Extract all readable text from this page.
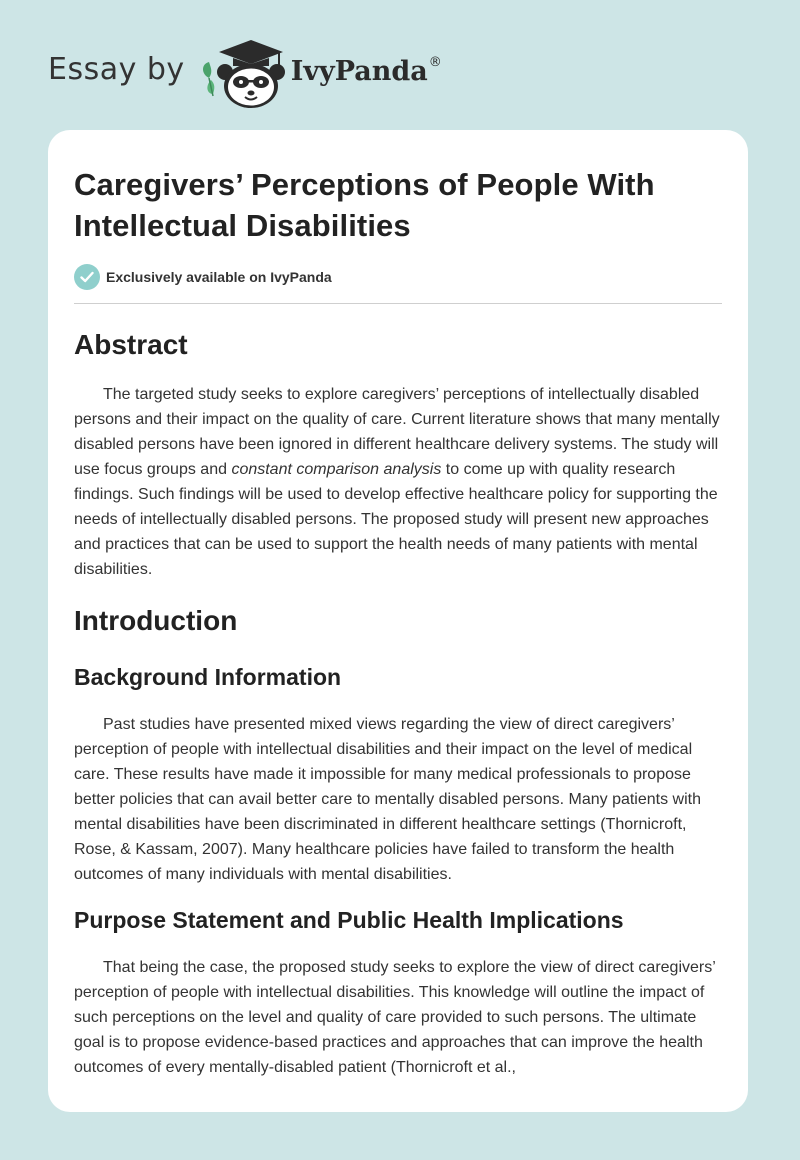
Essay by	IvyPanda®
Caregivers’ Perceptions of People With Intellectual Disabilities
Exclusively available on IvyPanda
Abstract

The targeted study seeks to explore caregivers’ perceptions of intellectually disabled persons and their impact on the quality of care. Current literature shows that many mentally disabled persons have been ignored in different healthcare delivery systems. The study will use focus groups and constant comparison analysis to come up with quality research findings. Such findings will be used to develop effective healthcare policy for supporting the needs of intellectually disabled persons. The proposed study will present new approaches and practices that can be used to support the health needs of many patients with mental disabilities.

Introduction
Background Information

Past studies have presented mixed views regarding the view of direct caregivers’ perception of people with intellectual disabilities and their impact on the level of medical care. These results have made it impossible for many medical professionals to propose better policies that can avail better care to mentally disabled persons. Many patients with mental disabilities have been discriminated in different healthcare settings (Thornicroft, Rose, & Kassam, 2007). Many healthcare policies have failed to transform the health outcomes of many individuals with mental disabilities.

Purpose Statement and Public Health Implications

That being the case, the proposed study seeks to explore the view of direct caregivers’ perception of people with intellectual disabilities. This knowledge will outline the impact of such perceptions on the level and quality of care provided to such persons. The ultimate goal is to propose evidence-based practices and approaches that can improve the health outcomes of every mentally-disabled patient (Thornicroft et al.,
